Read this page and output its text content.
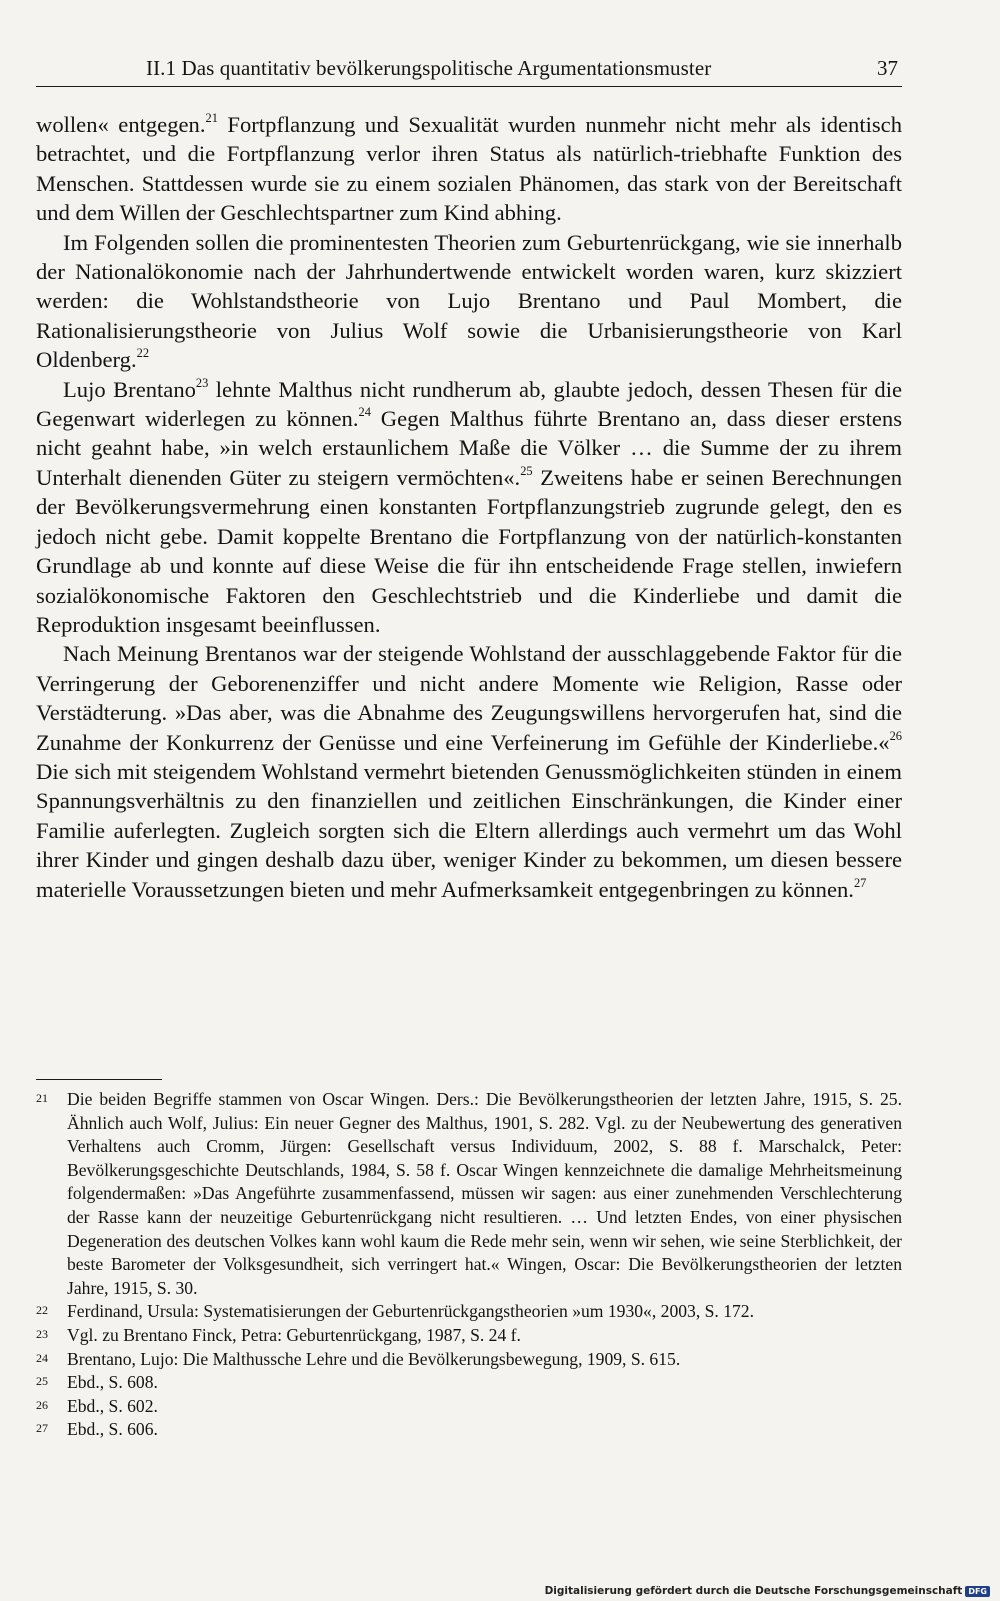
II.1 Das quantitativ bevölkerungspolitische Argumentationsmuster	37

wollen« entgegen.$^{21}$ Fortpflanzung und Sexualität wurden nunmehr nicht mehr als identisch betrachtet, und die Fortpflanzung verlor ihren Status als natürlich-triebhafte Funktion des Menschen. Stattdessen wurde sie zu einem sozialen Phänomen, das stark von der Bereitschaft und dem Willen der Geschlechtspartner zum Kind abhing.

Im Folgenden sollen die prominentesten Theorien zum Geburtenrückgang, wie sie innerhalb der Nationalökonomie nach der Jahrhundertwende entwickelt worden waren, kurz skizziert werden: die Wohlstandstheorie von Lujo Brentano und Paul Mombert, die Rationalisierungstheorie von Julius Wolf sowie die Urbanisierungstheorie von Karl Oldenberg.$^{22}$

Lujo Brentano$^{23}$ lehnte Malthus nicht rundherum ab, glaubte jedoch, dessen Thesen für die Gegenwart widerlegen zu können.$^{24}$ Gegen Malthus führte Brentano an, dass dieser erstens nicht geahnt habe, »in welch erstaunlichem Maße die Völker … die Summe der zu ihrem Unterhalt dienenden Güter zu steigern vermöchten«.$^{25}$ Zweitens habe er seinen Berechnungen der Bevölkerungsvermehrung einen konstanten Fortpflanzungstrieb zugrunde gelegt, den es jedoch nicht gebe. Damit koppelte Brentano die Fortpflanzung von der natürlich-konstanten Grundlage ab und konnte auf diese Weise die für ihn entscheidende Frage stellen, inwiefern sozialökonomische Faktoren den Geschlechtstrieb und die Kinderliebe und damit die Reproduktion insgesamt beeinflussen.

Nach Meinung Brentanos war der steigende Wohlstand der ausschlaggebende Faktor für die Verringerung der Geborenenziffer und nicht andere Momente wie Religion, Rasse oder Verstädterung. »Das aber, was die Abnahme des Zeugungswillens hervorgerufen hat, sind die Zunahme der Konkurrenz der Genüsse und eine Verfeinerung im Gefühle der Kinderliebe.«$^{26}$ Die sich mit steigendem Wohlstand vermehrt bietenden Genussmöglichkeiten stünden in einem Spannungsverhältnis zu den finanziellen und zeitlichen Einschränkungen, die Kinder einer Familie auferlegten. Zugleich sorgten sich die Eltern allerdings auch vermehrt um das Wohl ihrer Kinder und gingen deshalb dazu über, weniger Kinder zu bekommen, um diesen bessere materielle Voraussetzungen bieten und mehr Aufmerksamkeit entgegenbringen zu können.$^{27}$

21 Die beiden Begriffe stammen von Oscar Wingen. Ders.: Die Bevölkerungstheorien der letzten Jahre, 1915, S. 25. Ähnlich auch Wolf, Julius: Ein neuer Gegner des Malthus, 1901, S. 282. Vgl. zu der Neubewertung des generativen Verhaltens auch Cromm, Jürgen: Gesellschaft versus Individuum, 2002, S. 88 f. Marschalck, Peter: Bevölkerungsgeschichte Deutschlands, 1984, S. 58 f. Oscar Wingen kennzeichnete die damalige Mehrheitsmeinung folgendermaßen: »Das Angeführte zusammenfassend, müssen wir sagen: aus einer zunehmenden Verschlechterung der Rasse kann der neuzeitige Geburtenrückgang nicht resultieren. … Und letzten Endes, von einer physischen Degeneration des deutschen Volkes kann wohl kaum die Rede mehr sein, wenn wir sehen, wie seine Sterblichkeit, der beste Barometer der Volksgesundheit, sich verringert hat.« Wingen, Oscar: Die Bevölkerungstheorien der letzten Jahre, 1915, S. 30.
22 Ferdinand, Ursula: Systematisierungen der Geburtenrückgangstheorien »um 1930«, 2003, S. 172.
23 Vgl. zu Brentano Finck, Petra: Geburtenrückgang, 1987, S. 24 f.
24 Brentano, Lujo: Die Malthussche Lehre und die Bevölkerungsbewegung, 1909, S. 615.
25 Ebd., S. 608.
26 Ebd., S. 602.
27 Ebd., S. 606.
Digitalisierung gefördert durch die Deutsche Forschungsgemeinschaft DFG
